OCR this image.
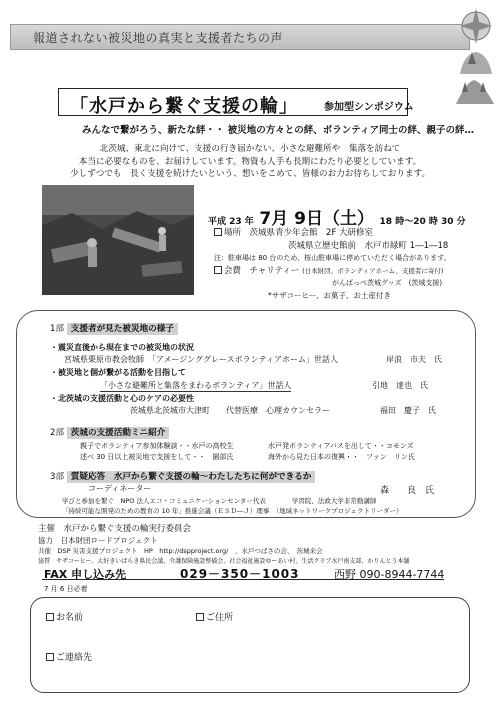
報道されない被災地の真実と支援者たちの声
「水戸から繋ぐ支援の輪」	参加型シンポジウム
みんなで繋がろう、新たな絆・・ 被災地の方々との絆、ボランティア同士の絆、親子の絆…
北茨城、東北に向けて、支援の行き届かない、小さな避難所や　集落を訪ねて
本当に必要なものを、お届けしています。物資も人手も長期にわたり必要としています。
少しずつでも　長く支援を続けたいという、想いをこめて、皆様のお力お待ちしております。
平成 23 年 7月 9日（土） 18 時～20 時 30 分
場所　 茨城県青少年会館　2F 大研修室
茨城県立歴史館前　水戸市緑町 1―1―18
注：駐車場は 80 台のため、桜山駐車場に停めていただく場合があります。
会費　 チャリティー (日本財団、ボランティアホーム、支援者に寄付)
がんばっぺ茨城グッズ　(茨城支援)
*サザコーヒー、お菓子、お土産付き
1部 支援者が見た被災地の様子
・震災直後から現在までの被災地の状況
宮城県栗原市教会牧師　「アメージンググレースボランティアホーム」世話人	岸浪　市夫　氏
・被災地と個が繋がる活動を目指して
「小さな避難所と集落をまわるボランティア」世話人	引地　達也　氏
・北茨城の支援活動と心のケアの必要性
茨城県北茨城市大津町　　代替医療　心理カウンセラー	福田　慶子　氏
2部 茨城の支援活動ミニ紹介
親子でボランティア参加体験談・・水戸の高校生
述べ 30 日以上被災地で支援をして・・　園部氏
水戸発ボランティアバスを出して・・コモンズ
海外から見た日本の復興・・　ファン　リン氏
3部 質疑応答　水戸から繋ぐ支援の輪～わたしたちに何ができるか
コーディネーター	森　　良　氏
学びと参加を繋ぐ　NPO 法人エコ・コミュニケーションセンター代表　　　　学習院、法政大学非常勤講師
「持続可能な開発のための教育の 10 年」推進会議（ＥＳＤ―Ｊ）理事　（地域ネットワークプロジェクトリーダー）
主催　 水戸から繋ぐ支援の輪実行委員会
協力　 日本財団ロードプロジェクト
共催　 DSP 災害支援プロジェクト　HP　http://dspproject.org/　、水戸つばさの会、　茨城来会
協賛　 サザコーヒー、大好きいばらき県民会議、介護保険施設整備会、社会福祉施設ゆーあい村、生活クラブ水戸南支部、かりんとう本舗
FAX 申し込み先	029－350－1003	西野 090-8944-7744
7 月 6 日必着
お名前	ご住所
ご連絡先
